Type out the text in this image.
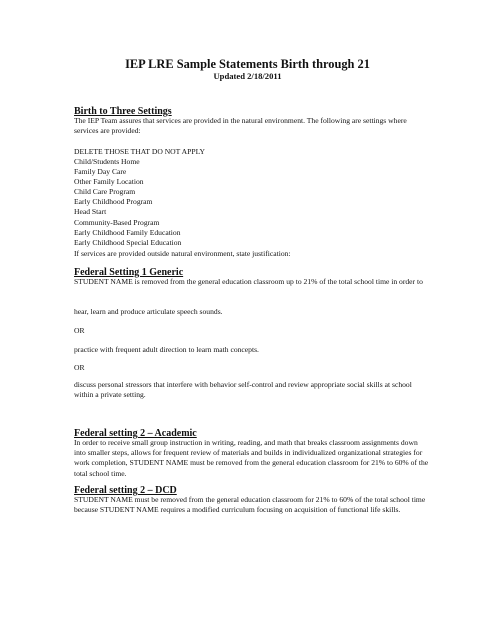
IEP LRE Sample Statements Birth through 21
Updated 2/18/2011
Birth to Three Settings

The IEP Team assures that services are provided in the natural environment. The following are settings where services are provided:

DELETE THOSE THAT DO NOT APPLY

Child/Students Home
Family Day Care
Other Family Location
Child Care Program
Early Childhood Program
Head Start
Community-Based Program
Early Childhood Family Education
Early Childhood Special Education

If services are provided outside natural environment, state justification:

Federal Setting 1 Generic

STUDENT NAME is removed from the general education classroom up to 21% of the total school time in order to

hear, learn and produce articulate speech sounds.

OR

practice with frequent adult direction to learn math concepts.

OR

discuss personal stressors that interfere with behavior self-control and review appropriate social skills at school within a private setting.

Federal setting 2 – Academic

In order to receive small group instruction in writing, reading, and math that breaks classroom assignments down into smaller steps, allows for frequent review of materials and builds in individualized organizational strategies for work completion, STUDENT NAME must be removed from the general education classroom for 21% to 60% of the total school time.

Federal setting 2 – DCD

STUDENT NAME must be removed from the general education classroom for 21% to 60% of the total school time because STUDENT NAME requires a modified curriculum focusing on acquisition of functional life skills.
